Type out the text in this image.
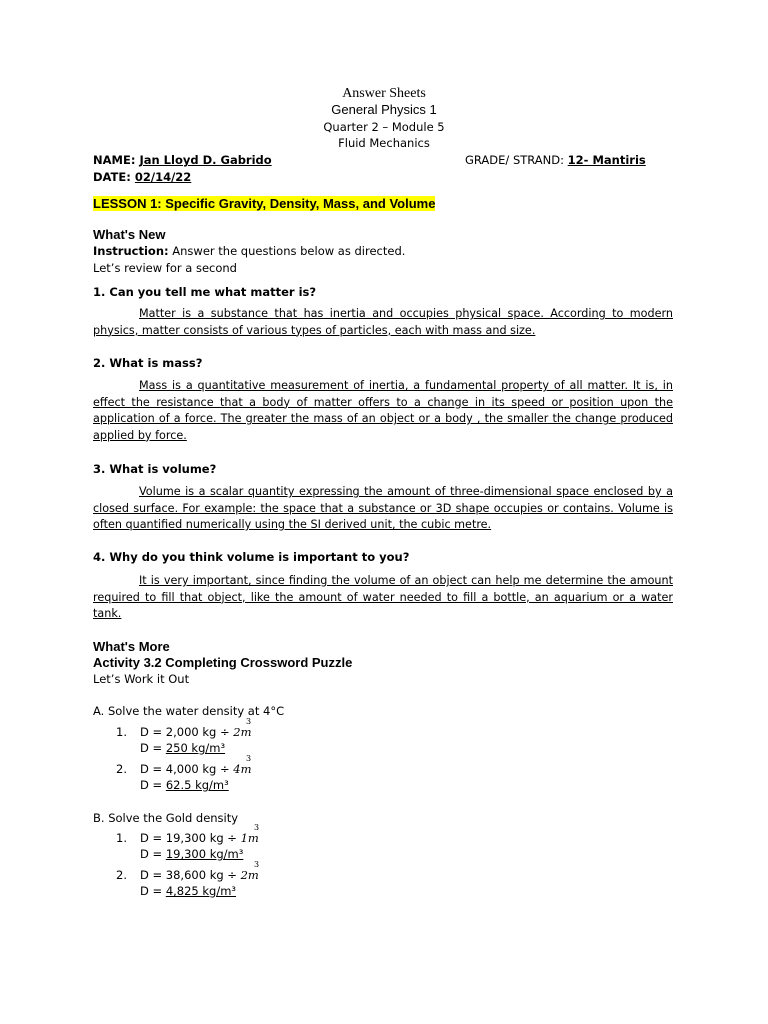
Answer Sheets
General Physics 1
Quarter 2 – Module 5
Fluid Mechanics
NAME: Jan Lloyd D. Gabrido	GRADE/ STRAND: 12- Mantiris
DATE: 02/14/22
LESSON 1: Specific Gravity, Density, Mass, and Volume
What's New
Instruction: Answer the questions below as directed.
Let’s review for a second
1. Can you tell me what matter is?
Matter is a substance that has inertia and occupies physical space. According to modern physics, matter consists of various types of particles, each with mass and size.
2. What is mass?
Mass is a quantitative measurement of inertia, a fundamental property of all matter. It is, in effect the resistance that a body of matter offers to a change in its speed or position upon the application of a force. The greater the mass of an object or a body , the smaller the change produced applied by force.
3. What is volume?
Volume is a scalar quantity expressing the amount of three-dimensional space enclosed by a closed surface. For example: the space that a substance or 3D shape occupies or contains. Volume is often quantified numerically using the SI derived unit, the cubic metre.
4. Why do you think volume is important to you?
It is very important, since finding the volume of an object can help me determine the amount required to fill that object, like the amount of water needed to fill a bottle, an aquarium or a water tank.
What's More
Activity 3.2 Completing Crossword Puzzle
Let’s Work it Out
A. Solve the water density at 4°C
1. D = 2,000 kg ÷ 2m
3
D = 250 kg/m³
2. D = 4,000 kg ÷ 4m
3
D = 62.5 kg/m³
B. Solve the Gold density
1. D = 19,300 kg ÷ 1m
3
D = 19,300 kg/m³
2. D = 38,600 kg ÷ 2m
3
D = 4,825 kg/m³
